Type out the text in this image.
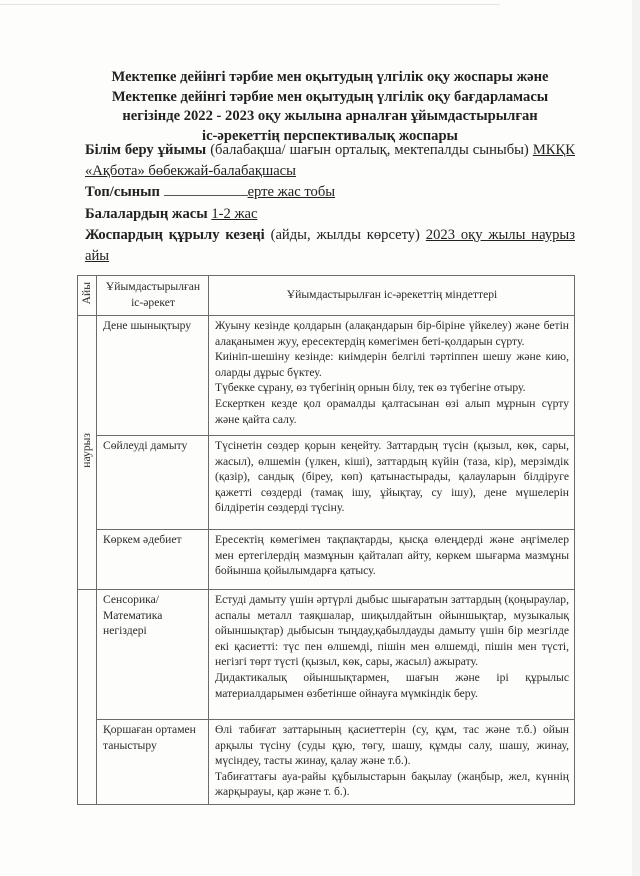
Мектепке дейінгі тәрбие мен оқытудың үлгілік оқу жоспары және
Мектепке дейінгі тәрбие мен оқытудың үлгілік оқу бағдарламасы
негізінде 2022 - 2023 оқу жылына арналған ұйымдастырылған
іс-әрекеттің перспективалық жоспары
Білім беру ұйымы (балабақша/ шағын орталық, мектепалды сыныбы) МКҚК «Ақбота» бөбекжай-балабақшасы
Топ/сынып	ерте жас тобы
Балалардың жасы 1-2 жас
Жоспардың құрылу кезеңі (айды, жылды көрсету) 2023 оқу жылы наурыз айы
Айы	Ұйымдастырылған іс-әрекет	Ұйымдастырылған іс-әрекеттің міндеттері
наурыз	Дене шынықтыру	Жуыну кезінде қолдарын (алақандарын бір-біріне үйкелеу) және бетін алақанымен жуу, ересектердің көмегімен беті-қолдарын сүрту.

Киініп-шешіну кезінде: киімдерін белгілі тәртіппен шешу және кию, оларды дұрыс бүктеу.

Түбекке сұрану, өз түбегінің орнын білу, тек өз түбегіне отыру.

Ескерткен кезде қол орамалды қалтасынан өзі алып мұрнын сүрту және қайта салу.

	Сөйлеуді дамыту	Түсінетін сөздер қорын кеңейту. Заттардың түсін (қызыл, көк, сары, жасыл), өлшемін (үлкен, кіші), заттардың күйін (таза, кір), мерзімдік (қазір), сандық (біреу, көп) қатынастырады, қалауларын білдіруге қажетті сөздерді (тамақ ішу, ұйықтау, су ішу), дене мүшелерін білдіретін сөздерді түсіну.

	Көркем әдебиет	Ересектің көмегімен тақпақтарды, қысқа өлеңдерді және әңгімелер мен ертегілердің мазмұнын қайталап айту, көркем шығарма мазмұны бойынша қойылымдарға қатысу.

	Сенсорика/ Математика негіздері	Естуді дамыту үшін әртүрлі дыбыс шығаратын заттардың (қоңыраулар, аспалы металл таяқшалар, шиқылдайтын ойыншықтар, музыкалық ойыншықтар) дыбысын тыңдау,қабылдауды дамыту үшін бір мезгілде екі қасиетті: түс пен өлшемді, пішін мен өлшемді, пішін мен түсті, негізгі төрт түсті (қызыл, көк, сары, жасыл) ажырату.

Дидактикалық ойыншықтармен, шағын және ірі құрылыс материалдарымен өзбетінше ойнауға мүмкіндік беру.

	Қоршаған ортамен таныстыру	Өлі табиғат заттарының қасиеттерін (су, құм, тас және т.б.) ойын арқылы түсіну (суды құю, төгу, шашу, құмды салу, шашу, жинау, мүсіндеу, тасты жинау, қалау және т.б.).

Табиғаттағы ауа-райы құбылыстарын бақылау (жаңбыр, жел, күннің жарқырауы, қар және т. б.).
